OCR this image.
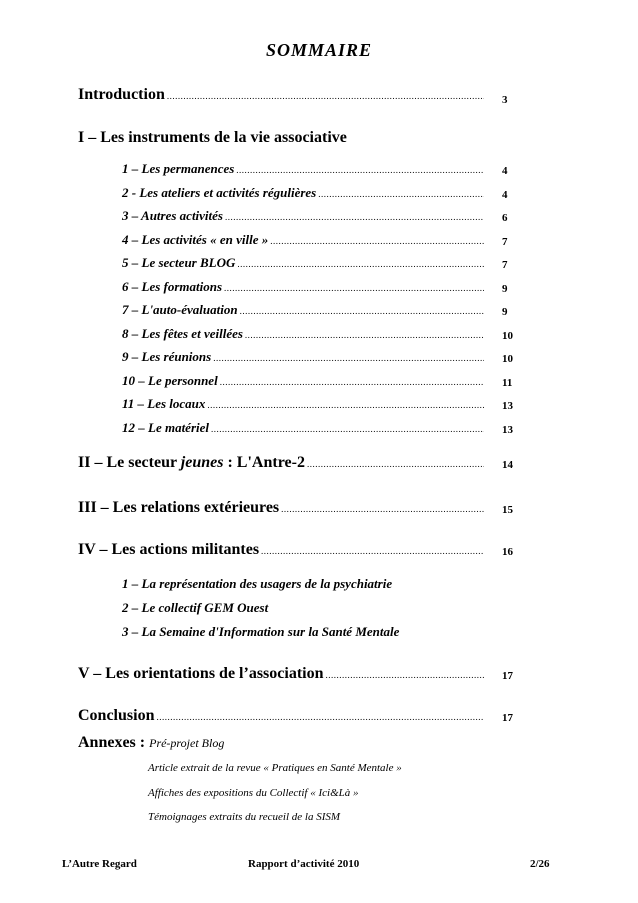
SOMMAIRE
Introduction .....	3
I – Les instruments de la vie associative
1 – Les permanences .....	4
2 - Les ateliers et activités régulières .....	4
3 – Autres activités .....	6
4 – Les activités « en ville » .....	7
5 – Le secteur BLOG .....	7
6 – Les formations .....	9
7 – L'auto-évaluation .....	9
8 – Les fêtes et veillées .....	10
9 – Les réunions .....	10
10 – Le personnel .....	11
11 – Les locaux .....	13
12 – Le matériel .....	13
II – Le secteur jeunes : L'Antre-2 .....	14
III – Les relations extérieures .....	15
IV – Les actions militantes .....	16
1 – La représentation des usagers de la psychiatrie
2 – Le collectif GEM Ouest
3 – La Semaine d'Information sur la Santé Mentale
V – Les orientations de l’association .....	17
Conclusion .....	17
Annexes : Pré-projet Blog
Article extrait de la revue « Pratiques en Santé Mentale »
Affiches des expositions du Collectif « Ici&Là »
Témoignages extraits du recueil de la SISM
L’Autre Regard	Rapport d’activité 2010	2/26
